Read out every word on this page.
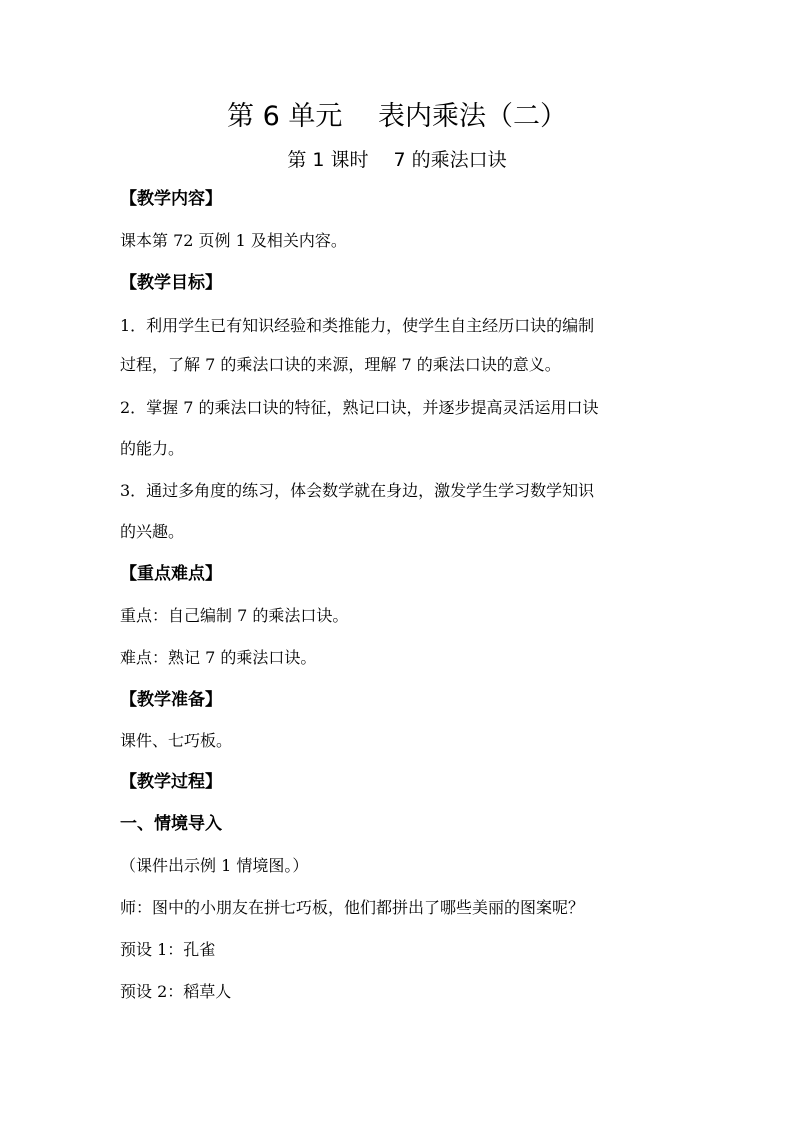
第 6 单元　 表内乘法（二）

第 1 课时　 7 的乘法口诀

【教学内容】

课本第 72 页例 1 及相关内容。

【教学目标】

1．利用学生已有知识经验和类推能力，使学生自主经历口诀的编制

过程，了解 7 的乘法口诀的来源，理解 7 的乘法口诀的意义。

2．掌握 7 的乘法口诀的特征，熟记口诀，并逐步提高灵活运用口诀

的能力。

3．通过多角度的练习，体会数学就在身边，激发学生学习数学知识

的兴趣。

【重点难点】

重点：自己编制 7 的乘法口诀。

难点：熟记 7 的乘法口诀。

【教学准备】

课件、七巧板。

【教学过程】

一、情境导入

（课件出示例 1 情境图。）

师：图中的小朋友在拼七巧板，他们都拼出了哪些美丽的图案呢？

预设 1：孔雀

预设 2：稻草人
